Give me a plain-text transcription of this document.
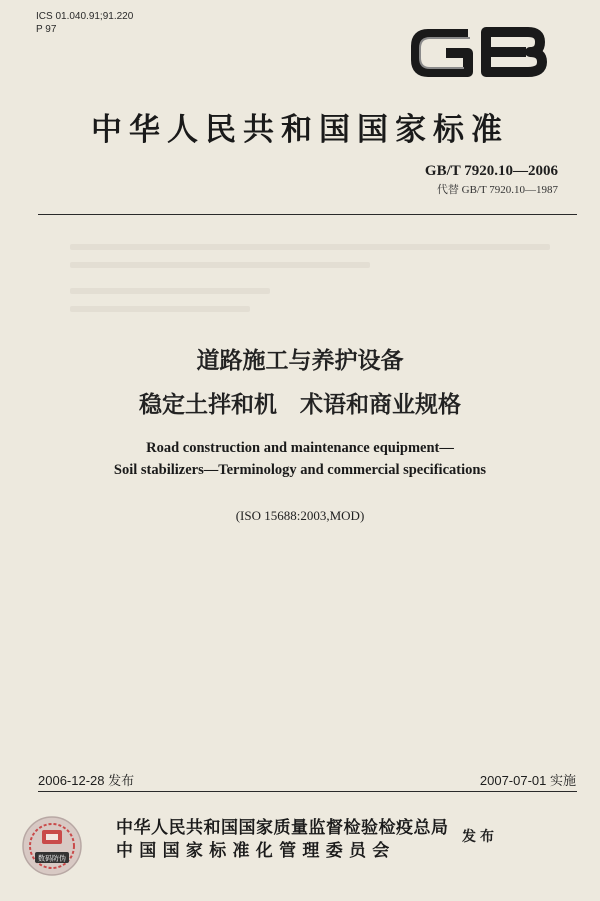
ICS 01.040.91;91.220
P 97
中华人民共和国国家标准
GB/T 7920.10—2006
代替 GB/T 7920.10—1987
道路施工与养护设备
稳定土拌和机　术语和商业规格
Road construction and maintenance equipment—
Soil stabilizers—Terminology and commercial specifications
(ISO 15688:2003,MOD)
2006-12-28 发布	2007-07-01 实施
数码防伪
中华人民共和国国家质量监督检验检疫总局
中国国家标准化管理委员会
发布
